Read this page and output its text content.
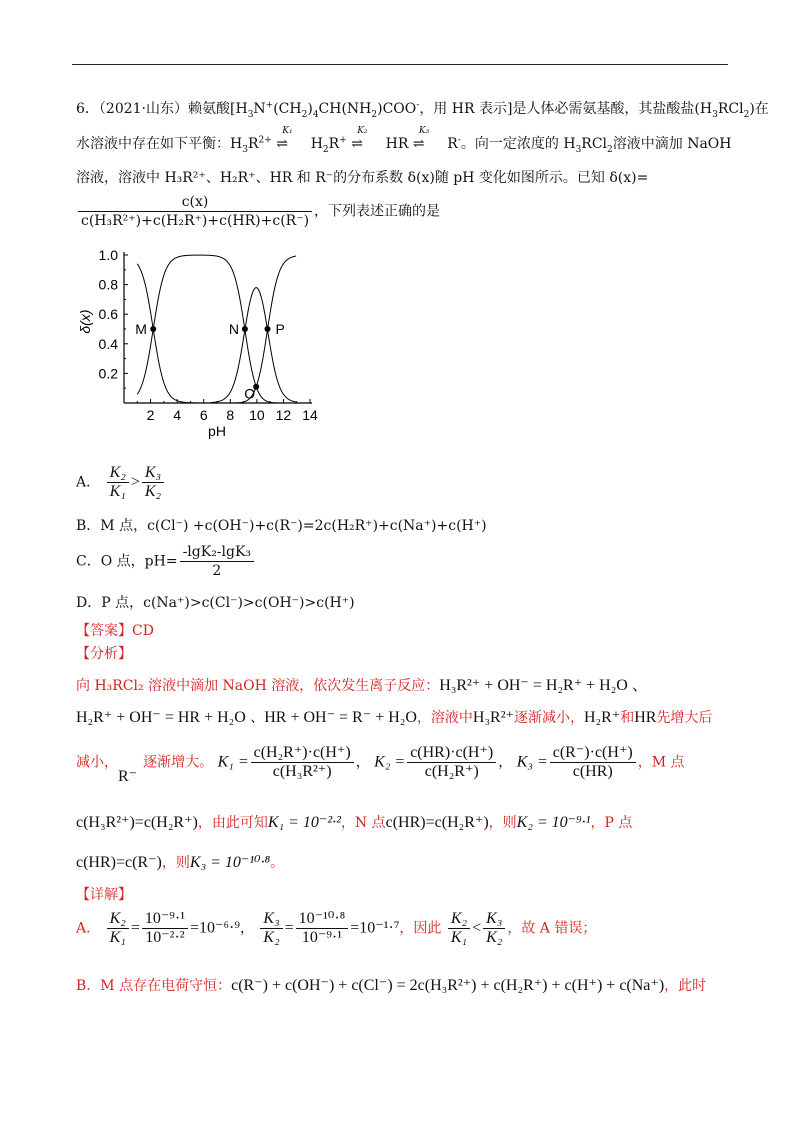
6．（2021·山东）赖氨酸[$H_3N^+(CH_2)_4CH(NH_2)COO^-$，用 HR 表示]是人体必需氨基酸，其盐酸盐$(H_3RCl_2)$在
水溶液中存在如下平衡：$H_3R^{2+}$
K₁
⇌ $H_2R^+$
K₂
⇌ HR
K₃
⇌ R-。向一定浓度的 $H_3RCl_2$溶液中滴加 NaOH
溶液，溶液中 H₃R²⁺、H₂R⁺、HR 和 R⁻的分布系数 δ(x)随 pH 变化如图所示。已知 δ(x)=
$\frac{c(x)}{\text{c(H₃R²⁺)+c(H₂R⁺)+c(HR)+c(R⁻)}}$ ，下列表述正确的是
2 4 6 8 10 12 14
0.2
0.4
0.6
0.8
1.0
pH
δ(x)	M	N
O
P
A． $\frac{\text{K₂}}{\text{K₁}} > \frac{\text{K₃}}{\text{K₂}}$
B．M 点，c(Cl⁻) +c(OH⁻)+c(R⁻)=2c(H₂R⁺)+c(Na⁺)+c(H⁺)
C．O 点，$pH= \frac{\text{-lgK₂-lgK₃}}{2}$
D．P 点，c(Na⁺)>c(Cl⁻)>c(OH⁻)>c(H⁺)
【答案】CD
【分析】
向 H₃RCl₂ 溶液中滴加 NaOH 溶液，依次发生离子反应：H₃R²⁺ + OH⁻ = H₂R⁺ + H₂O 、
H₂R⁺ + OH⁻ = HR + H₂O 、HR + OH⁻ = R⁻ + H₂O，溶液中H₃R²⁺逐渐减小，H₂R⁺和HR先增大后
减小，R⁻逐渐增大。 $K_1 = \frac{\text{c(H₂R⁺)·c(H⁺)}}{\text{c(H₃R²⁺)}}$ ， $K_2 = \frac{c(HR)\cdot c(H^+)}{\text{c(H₂R⁺)}}$ ， $K_3 = \frac{c(R^-)\cdot c(H^+)}{c(HR)}$ ，M 点
c(H₃R²⁺)=c(H₂R⁺)，由此可知K₁ = 10⁻²·²，N 点c(HR)=c(H₂R⁺)，则K₂ = 10⁻⁹·¹，P 点
c(HR)=c(R⁻)，则K₃ = 10⁻¹⁰·⁸。
【详解】
A． $\frac{\text{K₂}}{\text{K₁}} = \frac{\text{10⁻⁹·¹}}{\text{10⁻²·²}} =10^{-6}\cdot^9$， $\frac{\text{K₃}}{\text{K₂}} = \frac{\text{10⁻¹⁰·⁸}}{\text{10⁻⁹·¹}} =10^{-1}\cdot^7$，因此 $\frac{\text{K₂}}{\text{K₁}} < \frac{\text{K₃}}{\text{K₂}}$ ，故 A 错误；
B．M 点存在电荷守恒：c(R⁻) + c(OH⁻) + c(Cl⁻) = 2c(H₃R²⁺) + c(H₂R⁺) + c(H⁺) + c(Na⁺)，此时
